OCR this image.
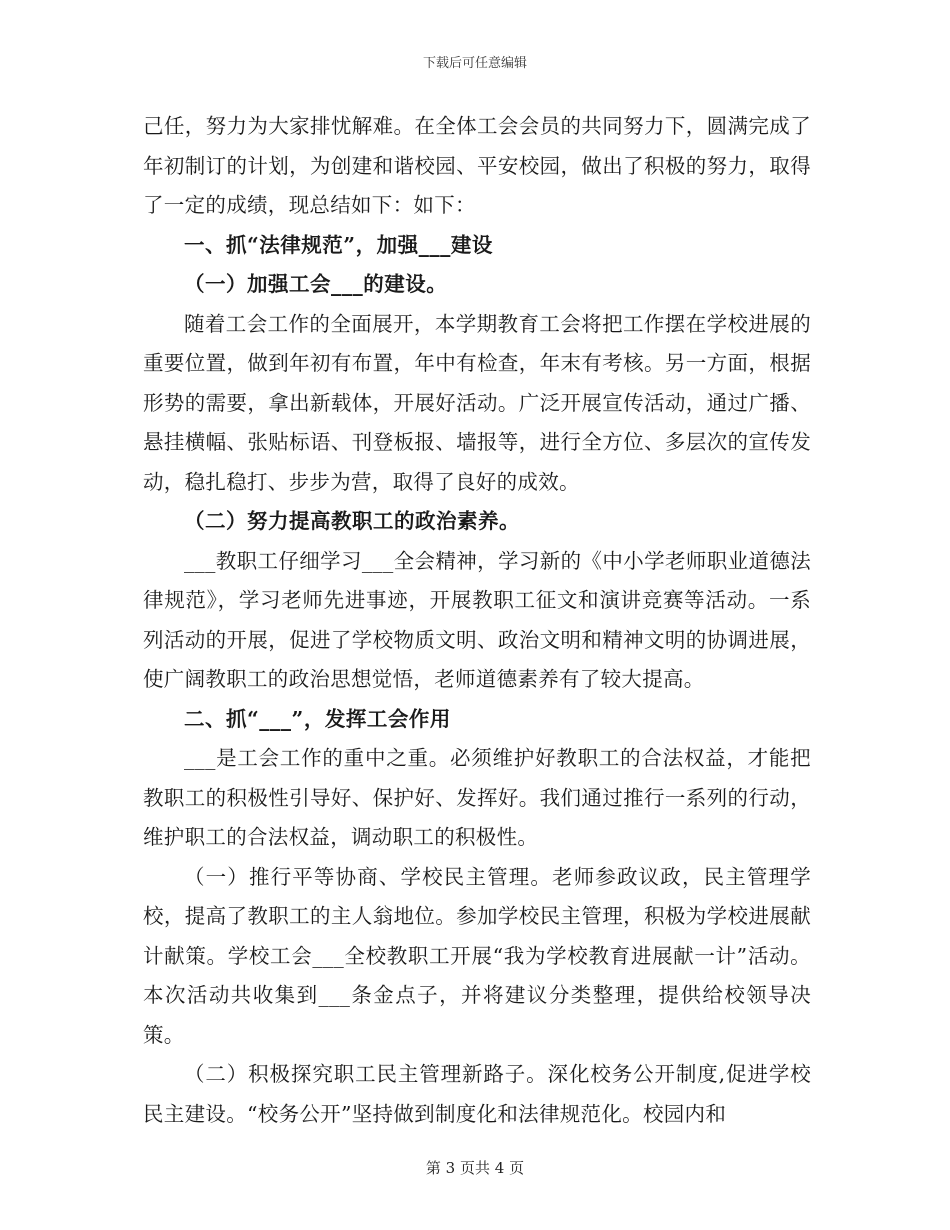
下载后可任意编辑

己任，努力为大家排忧解难。在全体工会会员的共同努力下，圆满完成了年初制订的计划，为创建和谐校园、平安校园，做出了积极的努力，取得了一定的成绩，现总结如下：如下：

一、抓“法律规范”，加强___建设

（一）加强工会___的建设。

随着工会工作的全面展开，本学期教育工会将把工作摆在学校进展的重要位置，做到年初有布置，年中有检查，年末有考核。另一方面，根据形势的需要，拿出新载体，开展好活动。广泛开展宣传活动，通过广播、悬挂横幅、张贴标语、刊登板报、墙报等，进行全方位、多层次的宣传发动，稳扎稳打、步步为营，取得了良好的成效。

（二）努力提高教职工的政治素养。

___教职工仔细学习___全会精神，学习新的《中小学老师职业道德法律规范》，学习老师先进事迹，开展教职工征文和演讲竞赛等活动。一系列活动的开展，促进了学校物质文明、政治文明和精神文明的协调进展，使广阔教职工的政治思想觉悟，老师道德素养有了较大提高。

二、抓“___”，发挥工会作用

___是工会工作的重中之重。必须维护好教职工的合法权益，才能把教职工的积极性引导好、保护好、发挥好。我们通过推行一系列的行动，维护职工的合法权益，调动职工的积极性。

（一）推行平等协商、学校民主管理。老师参政议政，民主管理学校，提高了教职工的主人翁地位。参加学校民主管理，积极为学校进展献计献策。学校工会___全校教职工开展“我为学校教育进展献一计”活动。本次活动共收集到___条金点子，并将建议分类整理，提供给校领导决策。

（二）积极探究职工民主管理新路子。深化校务公开制度,促进学校民主建设。“校务公开”坚持做到制度化和法律规范化。校园内和

第 3 页共 4 页
